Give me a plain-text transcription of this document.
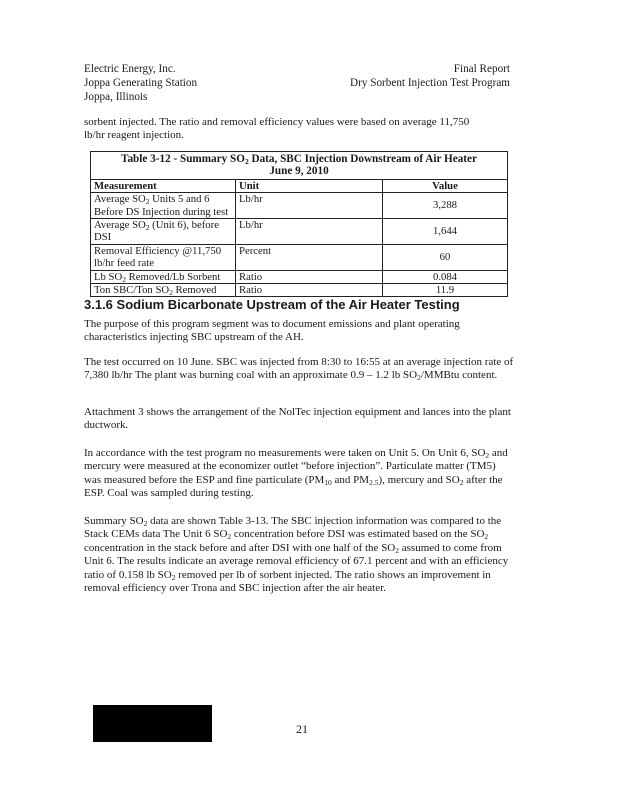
Electric Energy, Inc.
Joppa Generating Station
Joppa, Illinois
Final Report
Dry Sorbent Injection Test Program
sorbent injected. The ratio and removal efficiency values were based on average 11,750
lb/hr reagent injection.
Table 3-12 - Summary $SO_2$ Data, SBC Injection Downstream of Air Heater
June 9, 2010		
Measurement	Unit	Value
Average $SO_2$ Units 5 and 6 Before DS Injection during test	Lb/hr	3,288
Average $SO_2$ (Unit 6), before DSI	Lb/hr	1,644
Removal Efficiency @11,750 lb/hr feed rate	Percent	60
Lb $SO_2$ Removed/Lb Sorbent	Ratio	0.084
Ton SBC/Ton $SO_2$ Removed	Ratio	11.9
3.1.6 Sodium Bicarbonate Upstream of the Air Heater Testing
The purpose of this program segment was to document emissions and plant operating characteristics injecting SBC upstream of the AH.
The test occurred on 10 June. SBC was injected from 8:30 to 16:55 at an average injection rate of 7,380 lb/hr The plant was burning coal with an approximate 0.9 – 1.2 lb $SO_2$/MMBtu content.
Attachment 3 shows the arrangement of the NolTec injection equipment and lances into the plant ductwork.
In accordance with the test program no measurements were taken on Unit 5. On Unit 6, $SO_2$ and mercury were measured at the economizer outlet “before injection”. Particulate matter (TM5) was measured before the ESP and fine particulate ($PM_{10}$ and $PM_{2.5}$), mercury and $SO_2$ after the ESP. Coal was sampled during testing.
Summary $SO_2$ data are shown Table 3-13. The SBC injection information was compared to the Stack CEMs data The Unit 6 $SO_2$ concentration before DSI was estimated based on the $SO_2$ concentration in the stack before and after DSI with one half of the $SO_2$ assumed to come from Unit 6. The results indicate an average removal efficiency of 67.1 percent and with an efficiency ratio of 0.158 lb $SO_2$ removed per lb of sorbent injected. The ratio shows an improvement in removal efficiency over Trona and SBC injection after the air heater.
21
